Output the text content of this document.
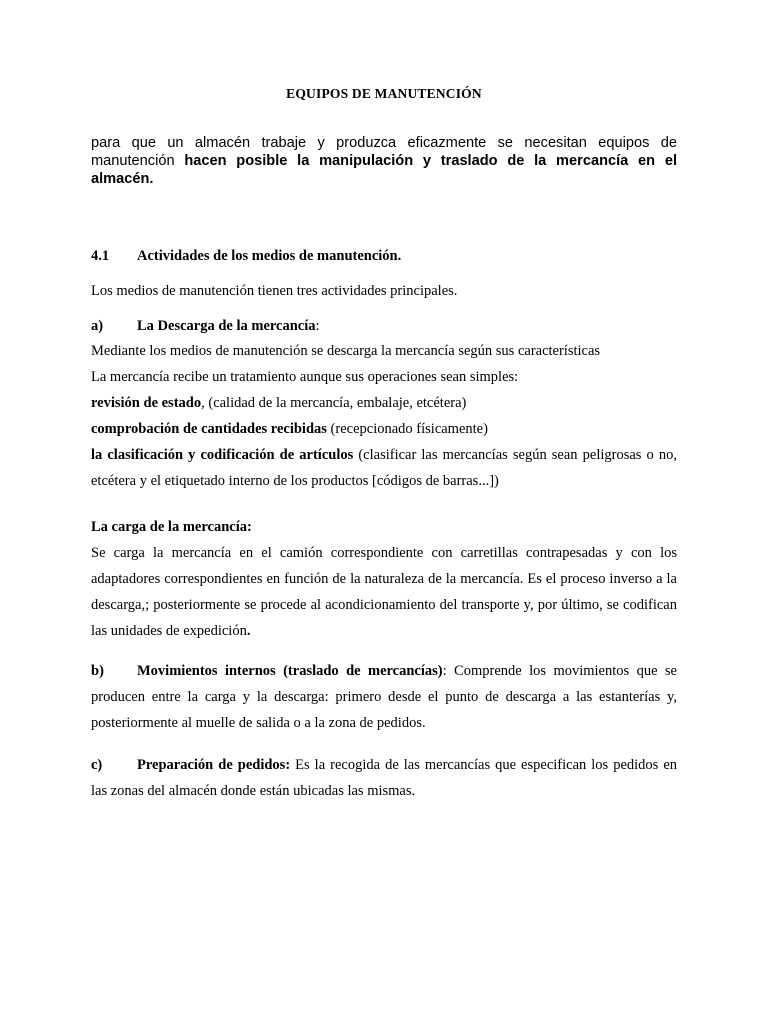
EQUIPOS DE MANUTENCIÓN

para que un almacén trabaje y produzca eficazmente se necesitan equipos de manutención hacen posible la manipulación y traslado de la mercancía en el almacén.

4.1 Actividades de los medios de manutención.
Los medios de manutención tienen tres actividades principales.
a) La Descarga de la mercancía:
Mediante los medios de manutención se descarga la mercancía según sus características
La mercancía recibe un tratamiento aunque sus operaciones sean simples:
revisión de estado, (calidad de la mercancía, embalaje, etcétera)
comprobación de cantidades recibidas (recepcionado físicamente)
la clasificación y codificación de artículos (clasificar las mercancías según sean peligrosas o no, etcétera y el etiquetado interno de los productos [códigos de barras...])
La carga de la mercancía:
Se carga la mercancía en el camión correspondiente con carretillas contrapesadas y con los adaptadores correspondientes en función de la naturaleza de la mercancía. Es el proceso inverso a la descarga,; posteriormente se procede al acondicionamiento del transporte y, por último, se codifican las unidades de expedición.
b) Movimientos internos (traslado de mercancías): Comprende los movimientos que se producen entre la carga y la descarga: primero desde el punto de descarga a las estanterías y, posteriormente al muelle de salida o a la zona de pedidos.
c) Preparación de pedidos: Es la recogida de las mercancías que especifican los pedidos en las zonas del almacén donde están ubicadas las mismas.
